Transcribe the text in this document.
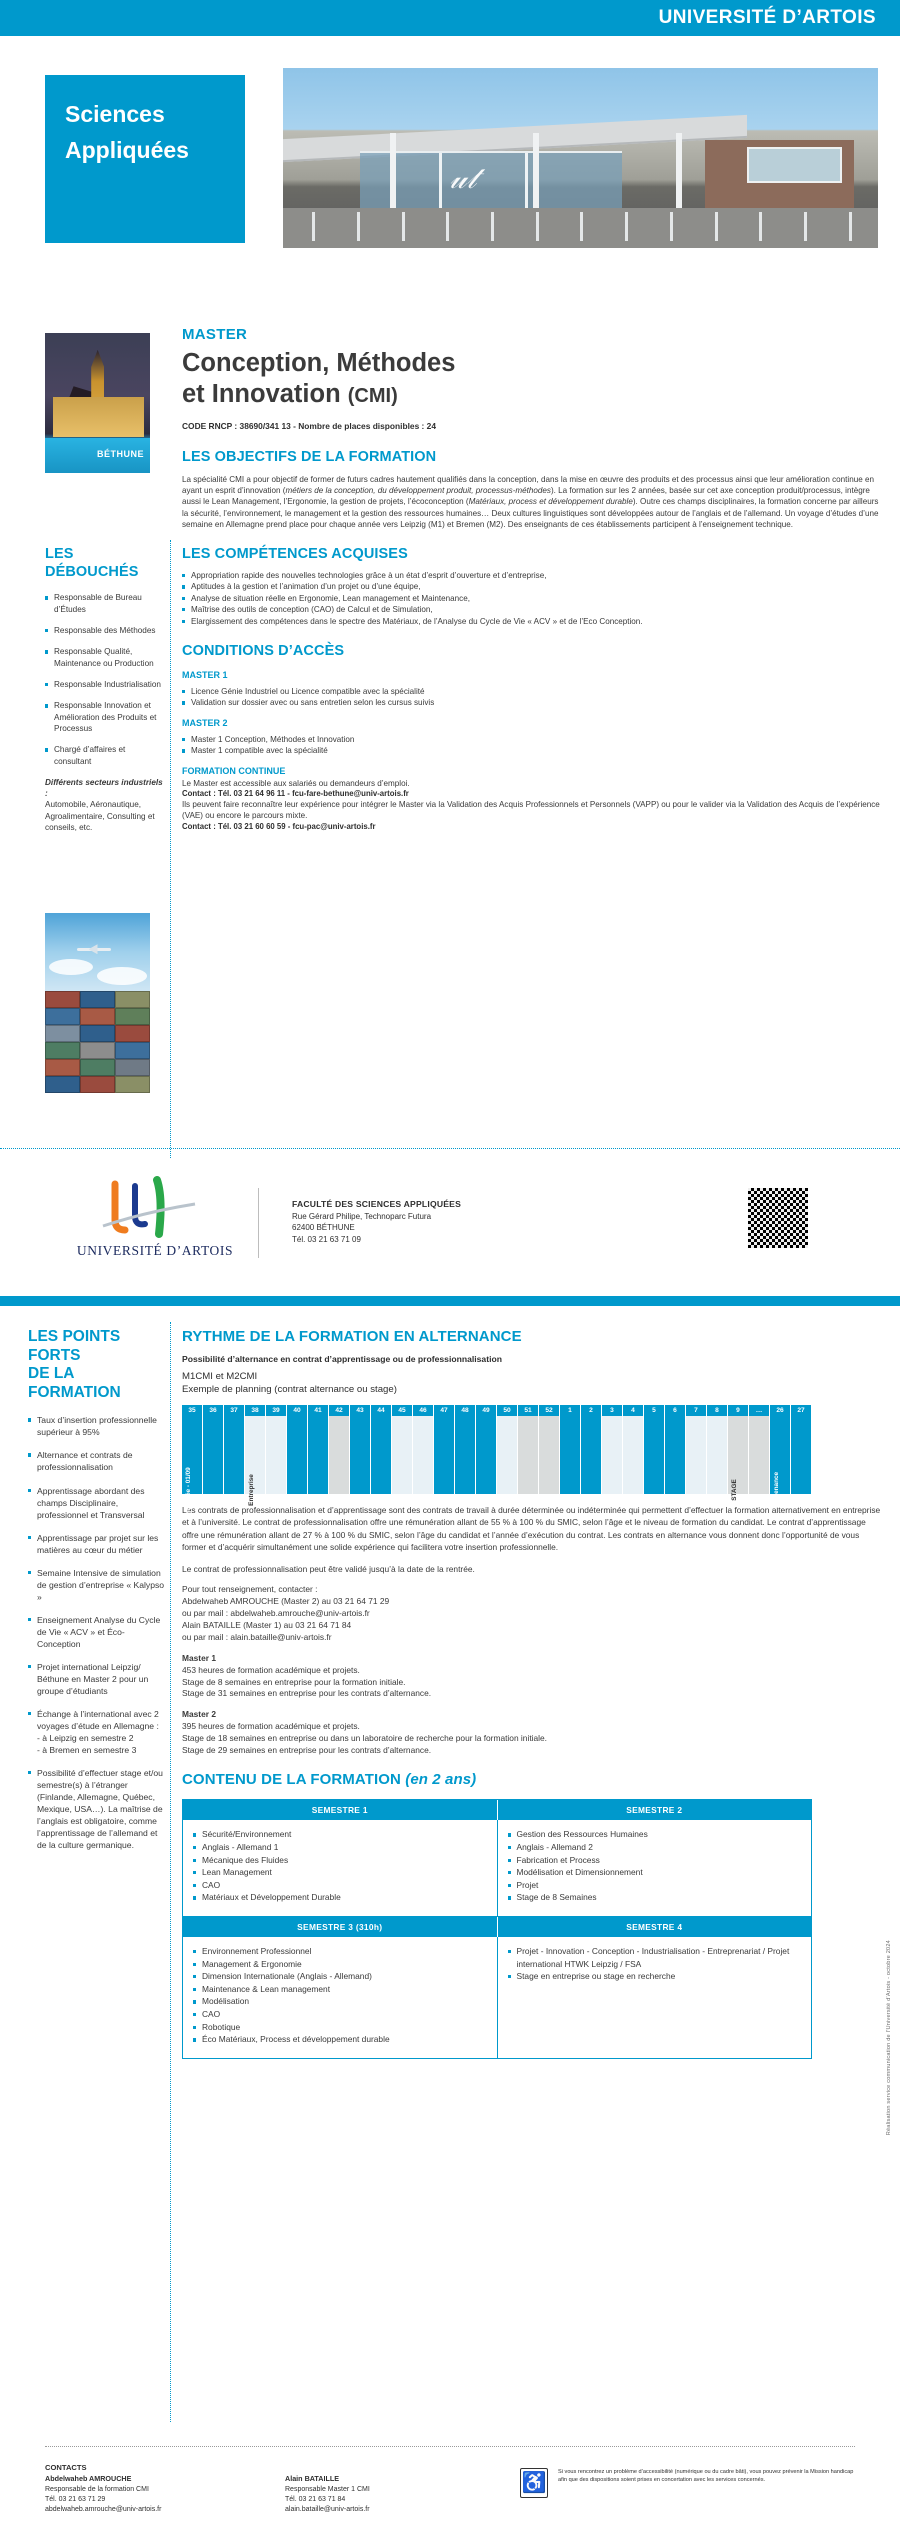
UNIVERSITÉ D’ARTOIS
Sciences
Appliquées
𝓊𝓉
BÉTHUNE
LES DÉBOUCHÉS
Responsable de Bureau d’Études
Responsable des Méthodes
Responsable Qualité, Maintenance ou Production
Responsable Industrialisation
Responsable Innovation et Amélioration des Produits et Processus
Chargé d’affaires et consultant
Différents secteurs industriels :
Automobile, Aéronautique, Agroalimentaire, Consulting et conseils, etc.
MASTER
Conception, Méthodes
et Innovation (CMI)
CODE RNCP : 38690/341 13 - Nombre de places disponibles : 24
LES OBJECTIFS DE LA FORMATION
La spécialité CMI a pour objectif de former de futurs cadres hautement qualifiés dans la conception, dans la mise en œuvre des produits et des processus ainsi que leur amélioration continue en ayant un esprit d’innovation (métiers de la conception, du développement produit, processus-méthodes). La formation sur les 2 années, basée sur cet axe conception produit/processus, intègre aussi le Lean Management, l’Ergonomie, la gestion de projets, l’écoconception (Matériaux, process et développement durable). Outre ces champs disciplinaires, la formation concerne par ailleurs la sécurité, l’environnement, le management et la gestion des ressources humaines… Deux cultures linguistiques sont développées autour de l’anglais et de l’allemand. Un voyage d’études d’une semaine en Allemagne prend place pour chaque année vers Leipzig (M1) et Bremen (M2). Des enseignants de ces établissements participent à l’enseignement technique.
LES COMPÉTENCES ACQUISES
Appropriation rapide des nouvelles technologies grâce à un état d’esprit d’ouverture et d’entreprise,
Aptitudes à la gestion et l’animation d’un projet ou d’une équipe,
Analyse de situation réelle en Ergonomie, Lean management et Maintenance,
Maîtrise des outils de conception (CAO) de Calcul et de Simulation,
Elargissement des compétences dans le spectre des Matériaux, de l’Analyse du Cycle de Vie « ACV » et de l’Eco Conception.
CONDITIONS D’ACCÈS
MASTER 1
Licence Génie Industriel ou Licence compatible avec la spécialité
Validation sur dossier avec ou sans entretien selon les cursus suivis
MASTER 2
Master 1 Conception, Méthodes et Innovation
Master 1 compatible avec la spécialité
FORMATION CONTINUE
Le Master est accessible aux salariés ou demandeurs d’emploi.
Contact : Tél. 03 21 64 96 11 - fcu-fare-bethune@univ-artois.fr
Ils peuvent faire reconnaître leur expérience pour intégrer le Master via la Validation des Acquis Professionnels et Personnels (VAPP) ou pour le valider via la Validation des Acquis de l’expérience (VAE) ou encore le parcours mixte.
Contact : Tél. 03 21 60 60 59 - fcu-pac@univ-artois.fr
UNIVERSITÉ D’ARTOIS
FACULTÉ DES SCIENCES APPLIQUÉES
Rue Gérard Philipe, Technoparc Futura
62400 BÉTHUNE
Tél. 03 21 63 71 09
LES POINTS FORTS
DE LA FORMATION
Taux d’insertion professionnelle supérieur à 95%
Alternance et contrats de professionnalisation
Apprentissage abordant des champs Disciplinaire, professionnel et Transversal
Apprentissage par projet sur les matières au cœur du métier
Semaine Intensive de simulation de gestion d’entreprise « Kalypso »
Enseignement Analyse du Cycle de Vie « ACV » et Éco-Conception
Projet international Leipzig/ Béthune en Master 2 pour un groupe d’étudiants
Échange à l’international avec 2 voyages d’étude en Allemagne :
- à Leipzig en semestre 2
- à Bremen en semestre 3
Possibilité d’effectuer stage et/ou semestre(s) à l’étranger (Finlande, Allemagne, Québec, Mexique, USA…). La maîtrise de l’anglais est obligatoire, comme l’apprentissage de l’allemand et de la culture germanique.
RYTHME DE LA FORMATION EN ALTERNANCE
Possibilité d’alternance en contrat d’apprentissage ou de professionnalisation
M1CMI et M2CMI
Exemple de planning (contrat alternance ou stage)
35	36	37	38	39	40	41	42	43	44	45	46	47	48	49	50	51	52	1	2	3	4	5	6	7	8	9	…	26	27
Rentrée - 01/09	Entreprise	STAGE	Soutenance
Les contrats de professionnalisation et d’apprentissage sont des contrats de travail à durée déterminée ou indéterminée qui permettent d’effectuer la formation alternativement en entreprise et à l’université. Le contrat de professionnalisation offre une rémunération allant de 55 % à 100 % du SMIC, selon l’âge et le niveau de formation du candidat. Le contrat d’apprentissage offre une rémunération allant de 27 % à 100 % du SMIC, selon l’âge du candidat et l’année d’exécution du contrat. Les contrats en alternance vous donnent donc l’opportunité de vous former et d’acquérir simultanément une solide expérience qui facilitera votre insertion professionnelle.
Le contrat de professionnalisation peut être validé jusqu’à la date de la rentrée.
Pour tout renseignement, contacter :
Abdelwaheb AMROUCHE (Master 2) au 03 21 64 71 29
ou par mail : abdelwaheb.amrouche@univ-artois.fr
Alain BATAILLE (Master 1) au 03 21 64 71 84
ou par mail : alain.bataille@univ-artois.fr
Master 1
453 heures de formation académique et projets.
Stage de 8 semaines en entreprise pour la formation initiale.
Stage de 31 semaines en entreprise pour les contrats d’alternance.
Master 2
395 heures de formation académique et projets.
Stage de 18 semaines en entreprise ou dans un laboratoire de recherche pour la formation initiale.
Stage de 29 semaines en entreprise pour les contrats d’alternance.
CONTENU DE LA FORMATION (en 2 ans)
SEMESTRE 1	SEMESTRE 2
Sécurité/Environnement
Anglais - Allemand 1
Mécanique des Fluides
Lean Management
CAO
Matériaux et Développement Durable
Gestion des Ressources Humaines
Anglais - Allemand 2
Fabrication et Process
Modélisation et Dimensionnement
Projet
Stage de 8 Semaines
SEMESTRE 3 (310h)	SEMESTRE 4
Environnement Professionnel
Management & Ergonomie
Dimension Internationale (Anglais - Allemand)
Maintenance & Lean management
Modélisation
CAO
Robotique
Éco Matériaux, Process et développement durable
Projet - Innovation - Conception - Industrialisation - Entreprenariat / Projet international HTWK Leipzig / FSA
Stage en entreprise ou stage en recherche	Réalisation service communication de l’Université d’Artois - octobre 2024
CONTACTS
Abdelwaheb AMROUCHE
Responsable de la formation CMI
Tél. 03 21 63 71 29
abdelwaheb.amrouche@univ-artois.fr
Alain BATAILLE
Responsable Master 1 CMI
Tél. 03 21 63 71 84
alain.bataille@univ-artois.fr
♿ Si vous rencontrez un problème d’accessibilité (numérique ou du cadre bâti), vous pouvez prévenir la Mission handicap afin que des dispositions soient prises en concertation avec les services concernés.
